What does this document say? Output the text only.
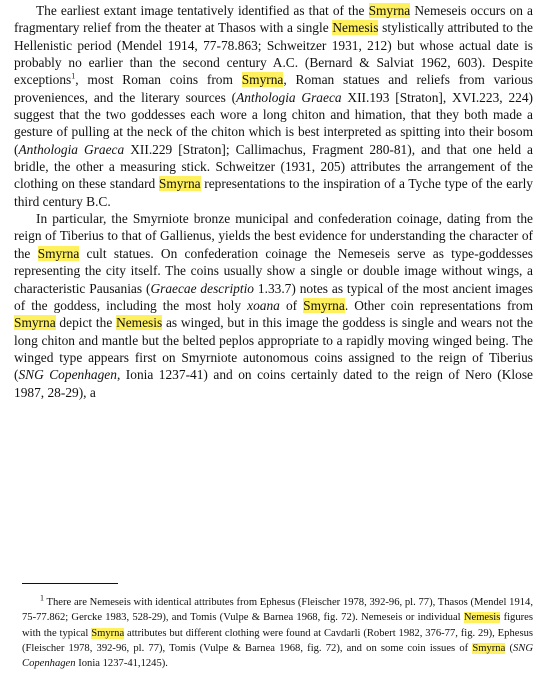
The earliest extant image tentatively identified as that of the Smyrna Nemeseis occurs on a fragmentary relief from the theater at Thasos with a single Nemesis stylistically attributed to the Hellenistic period (Mendel 1914, 77-78.863; Schweitzer 1931, 212) but whose actual date is probably no earlier than the second century A.C. (Bernard & Salviat 1962, 603). Despite exceptions$^1$, most Roman coins from Smyrna, Roman statues and reliefs from various proveniences, and the literary sources (Anthologia Graeca XII.193 [Straton], XVI.223, 224) suggest that the two goddesses each wore a long chiton and himation, that they both made a gesture of pulling at the neck of the chiton which is best interpreted as spitting into their bosom (Anthologia Graeca XII.229 [Straton]; Callimachus, Fragment 280-81), and that one held a bridle, the other a measuring stick. Schweitzer (1931, 205) attributes the arrangement of the clothing on these standard Smyrna representations to the inspiration of a Tyche type of the early third century B.C.

In particular, the Smyrniote bronze municipal and confederation coinage, dating from the reign of Tiberius to that of Gallienus, yields the best evidence for understanding the character of the Smyrna cult statues. On confederation coinage the Nemeseis serve as type-goddesses representing the city itself. The coins usually show a single or double image without wings, a characteristic Pausanias (Graecae descriptio 1.33.7) notes as typical of the most ancient images of the goddess, including the most holy xoana of Smyrna. Other coin representations from Smyrna depict the Nemesis as winged, but in this image the goddess is single and wears not the long chiton and mantle but the belted peplos appropriate to a rapidly moving winged being. The winged type appears first on Smyrniote autonomous coins assigned to the reign of Tiberius (SNG Copenhagen, Ionia 1237-41) and on coins certainly dated to the reign of Nero (Klose 1987, 28-29), a

$^1$ There are Nemeseis with identical attributes from Ephesus (Fleischer 1978, 392-96, pl. 77), Thasos (Mendel 1914, 75-77.862; Gercke 1983, 528-29), and Tomis (Vulpe & Barnea 1968, fig. 72). Nemeseis or individual Nemesis figures with the typical Smyrna attributes but different clothing were found at Cavdarli (Robert 1982, 376-77, fig. 29), Ephesus (Fleischer 1978, 392-96, pl. 77), Tomis (Vulpe & Barnea 1968, fig. 72), and on some coin issues of Smyrna (SNG Copenhagen Ionia 1237-41,1245).
